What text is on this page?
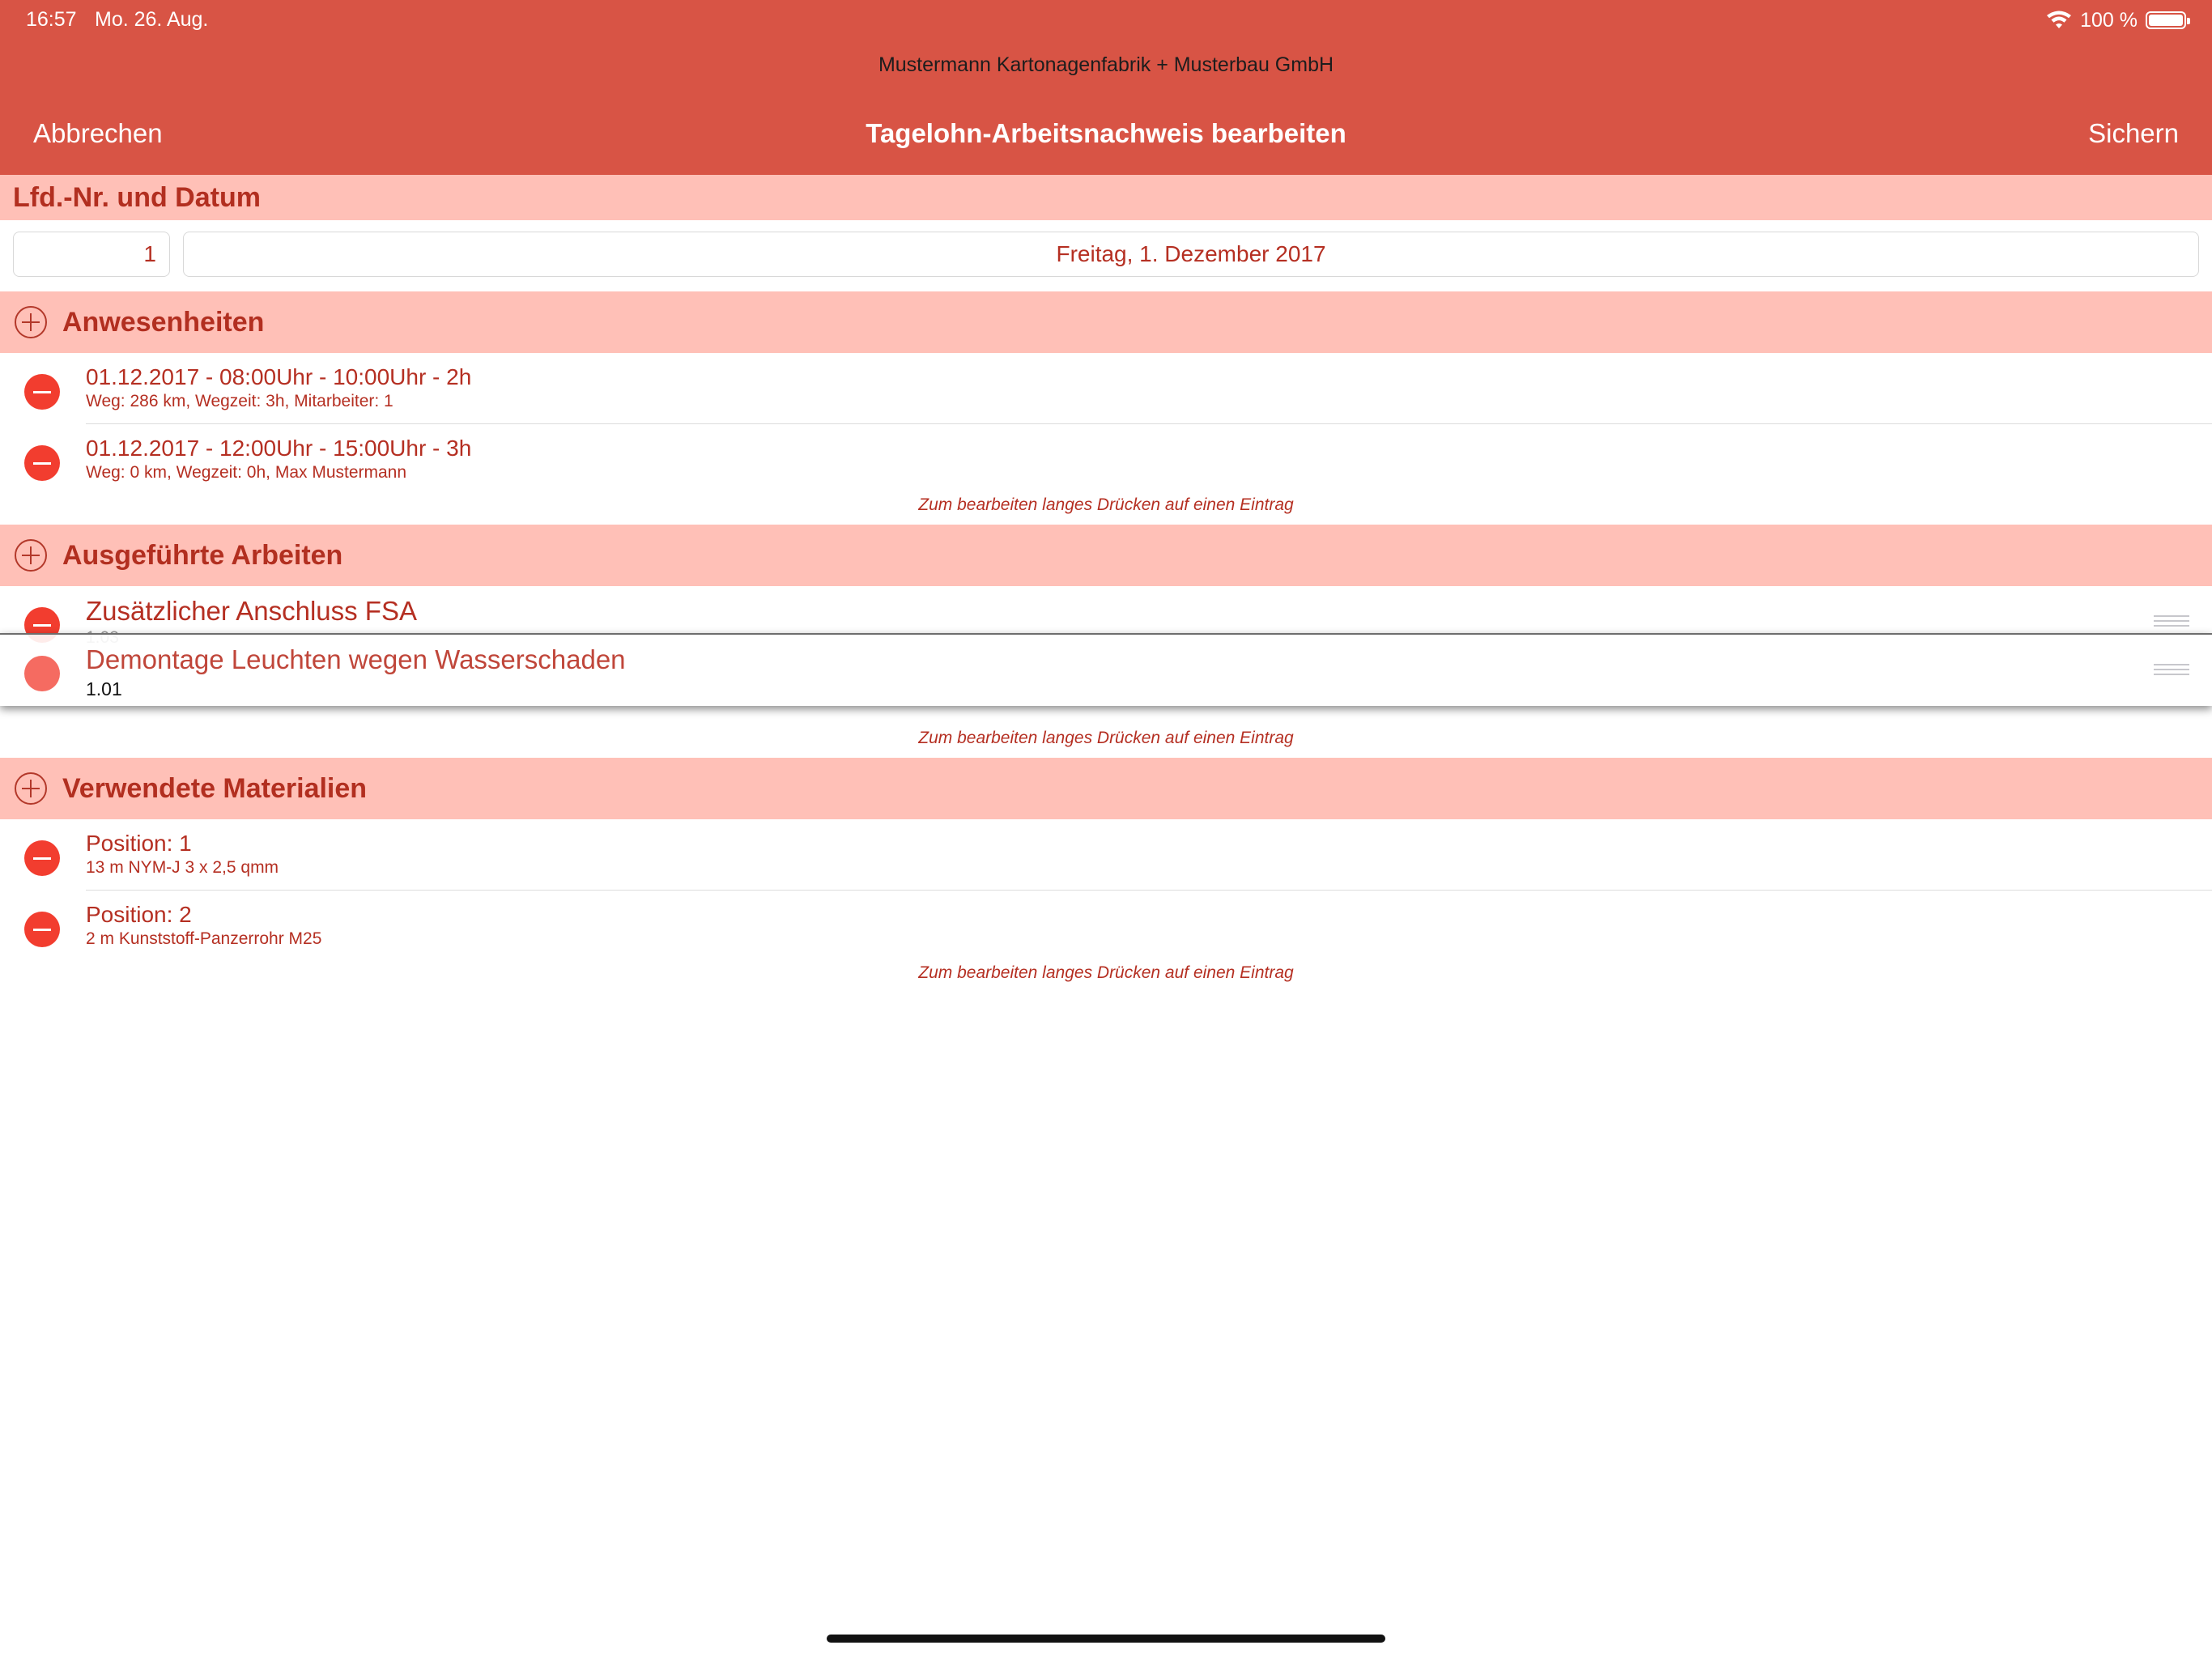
16:57 Mo. 26. Aug.	100 %
Mustermann Kartonagenfabrik + Musterbau GmbH
Abbrechen	Tagelohn-Arbeitsnachweis bearbeiten	Sichern
Lfd.-Nr. und Datum
1	Freitag, 1. Dezember 2017
Anwesenheiten
01.12.2017 - 08:00Uhr - 10:00Uhr - 2h
Weg: 286 km, Wegzeit: 3h, Mitarbeiter: 1
01.12.2017 - 12:00Uhr - 15:00Uhr - 3h
Weg: 0 km, Wegzeit: 0h, Max Mustermann
Zum bearbeiten langes Drücken auf einen Eintrag
Ausgeführte Arbeiten
Zusätzlicher Anschluss FSA
Demontage Leuchten wegen Wasserschaden
1.01
Zum bearbeiten langes Drücken auf einen Eintrag
Verwendete Materialien
Position: 1
13 m NYM-J 3 x 2,5 qmm
Position: 2
2 m Kunststoff-Panzerrohr M25
Zum bearbeiten langes Drücken auf einen Eintrag
